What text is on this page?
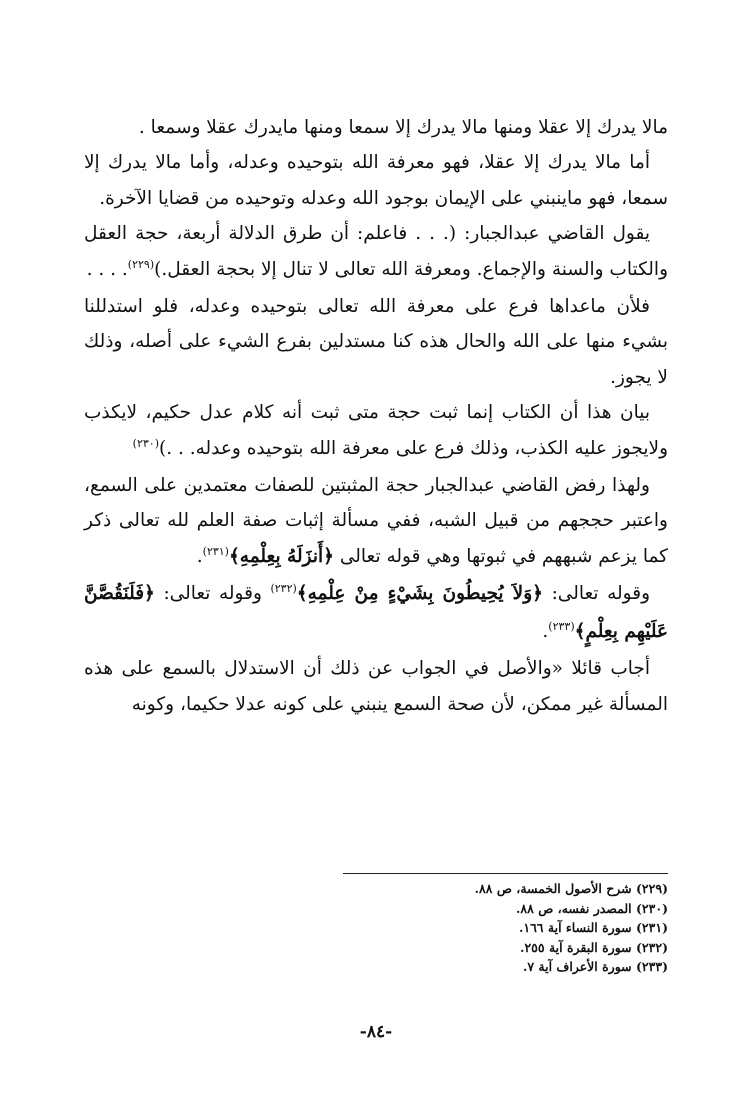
مالا يدرك إلا عقلا ومنها مالا يدرك إلا سمعا ومنها مايدرك عقلا وسمعا .

أما مالا يدرك إلا عقلا، فهو معرفة الله بتوحيده وعدله، وأما مالا يدرك إلا سمعا، فهو ماينبني على الإيمان بوجود الله وعدله وتوحيده من قضايا الآخرة.

يقول القاضي عبدالجبار: (. . . فاعلم: أن طرق الدلالة أربعة، حجة العقل والكتاب والسنة والإجماع. ومعرفة الله تعالى لا تنال إلا بحجة العقل.)$^{(٢٢٩)}$. . . .

فلأن ماعداها فرع على معرفة الله تعالى بتوحيده وعدله، فلو استدللنا بشيء منها على الله والحال هذه كنا مستدلين بفرع الشيء على أصله، وذلك لا يجوز.

بيان هذا أن الكتاب إنما ثبت حجة متى ثبت أنه كلام عدل حكيم، لايكذب ولايجوز عليه الكذب، وذلك فرع على معرفة الله بتوحيده وعدله. . .)$^{(٢٣٠)}$

ولهذا رفض القاضي عبدالجبار حجة المثبتين للصفات معتمدين على السمع، واعتبر حججهم من قبيل الشبه، ففي مسألة إثبات صفة العلم لله تعالى ذكر كما يزعم شبههم في ثبوتها وهي قوله تعالى ﴿أَنزَلَهُ بِعِلْمِهِ﴾$^{(٢٣١)}$.

وقوله تعالى: ﴿وَلاَ يُحِيطُونَ بِشَيْءٍ مِنْ عِلْمِهِ﴾$^{(٢٣٢)}$ وقوله تعالى: ﴿فَلَنَقُصَّنَّ عَلَيْهِم بِعِلْمٍ﴾$^{(٢٣٣)}$.

أجاب قائلا «والأصل في الجواب عن ذلك أن الاستدلال بالسمع على هذه المسألة غير ممكن، لأن صحة السمع ينبني على كونه عدلا حكيما، وكونه

(٢٢٩) شرح الأصول الخمسة، ص ٨٨.
(٢٣٠) المصدر نفسه، ص ٨٨.
(٢٣١) سورة النساء آية ١٦٦.
(٢٣٢) سورة البقرة آية ٢٥٥.
(٢٣٣) سورة الأعراف آية ٧.
-٨٤-
